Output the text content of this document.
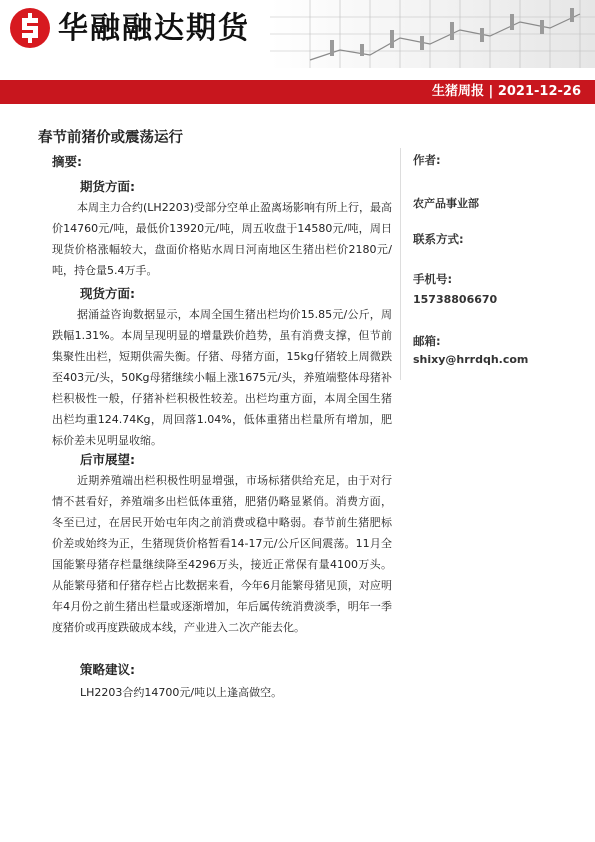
华融融达期货
生猪周报 | 2021-12-26
春节前猪价或震荡运行
摘要:
期货方面:
本周主力合约(LH2203)受部分空单止盈离场影响有所上行，最高价14760元/吨，最低价13920元/吨，周五收盘于14580元/吨，周日现货价格涨幅较大，盘面价格贴水周日河南地区生猪出栏价2180元/吨，持仓量5.4万手。
现货方面:
据涌益咨询数据显示，本周全国生猪出栏均价15.85元/公斤，周跌幅1.31%。本周呈现明显的增量跌价趋势，虽有消费支撑，但节前集聚性出栏，短期供需失衡。仔猪、母猪方面，15kg仔猪较上周微跌至403元/头，50Kg母猪继续小幅上涨1675元/头，养殖端整体母猪补栏积极性一般，仔猪补栏积极性较差。出栏均重方面，本周全国生猪出栏均重124.74Kg，周回落1.04%，低体重猪出栏量所有增加，肥标价差未见明显收缩。
后市展望:
近期养殖端出栏积极性明显增强，市场标猪供给充足，由于对行情不甚看好，养殖端多出栏低体重猪，肥猪仍略显紧俏。消费方面，冬至已过，在居民开始屯年肉之前消费或稳中略弱。春节前生猪肥标价差或始终为正，生猪现货价格暂看14-17元/公斤区间震荡。11月全国能繁母猪存栏量继续降至4296万头，接近正常保有量4100万头。从能繁母猪和仔猪存栏占比数据来看，今年6月能繁母猪见顶，对应明年4月份之前生猪出栏量或逐渐增加，年后属传统消费淡季，明年一季度猪价或再度跌破成本线，产业进入二次产能去化。
策略建议:
LH2203合约14700元/吨以上逢高做空。
作者:
农产品事业部
联系方式:
手机号:
15738806670
邮箱:
shixy@hrrdqh.com
